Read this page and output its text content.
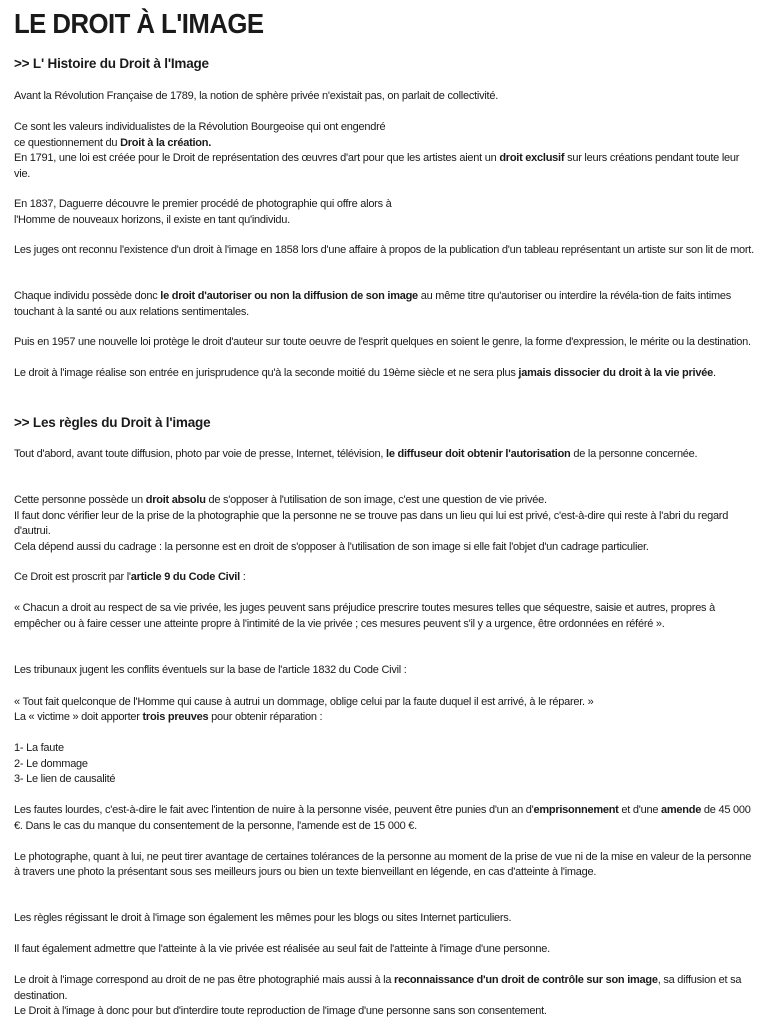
LE DROIT À L'IMAGE
>> L' Histoire du Droit à l'Image

Avant la Révolution Française de 1789, la notion de sphère privée n'existait pas, on parlait de collectivité.

Ce sont les valeurs individualistes de la Révolution Bourgeoise qui ont engendré

ce questionnement du Droit à la création.

En 1791, une loi est créée pour le Droit de représentation des œuvres d'art pour que les artistes aient un droit exclusif sur leurs créations pendant toute leur vie.

En 1837, Daguerre découvre le premier procédé de photographie qui offre alors à

l'Homme de nouveaux horizons, il existe en tant qu'individu.

Les juges ont reconnu l'existence d'un droit à l'image en 1858 lors d'une affaire à propos de la publication d'un tableau représentant un artiste sur son lit de mort.

Chaque individu possède donc le droit d'autoriser ou non la diffusion de son image au même titre qu'autoriser ou interdire la révéla-tion de faits intimes touchant à la santé ou aux relations sentimentales.

Puis en 1957 une nouvelle loi protège le droit d'auteur sur toute oeuvre de l'esprit quelques en soient le genre, la forme d'expression, le mérite ou la destination.

Le droit à l'image réalise son entrée en jurisprudence qu'à la seconde moitié du 19ème siècle et ne sera plus jamais dissocier du droit à la vie privée.

>> Les règles du Droit à l'image

Tout d'abord, avant toute diffusion, photo par voie de presse, Internet, télévision, le diffuseur doit obtenir l'autorisation de la personne concernée.

Cette personne possède un droit absolu de s'opposer à l'utilisation de son image, c'est une question de vie privée.

Il faut donc vérifier leur de la prise de la photographie que la personne ne se trouve pas dans un lieu qui lui est privé, c'est-à-dire qui reste à l'abri du regard d'autrui.

Cela dépend aussi du cadrage : la personne est en droit de s'opposer à l'utilisation de son image si elle fait l'objet d'un cadrage particulier.

Ce Droit est proscrit par l'article 9 du Code Civil :

« Chacun a droit au respect de sa vie privée, les juges peuvent sans préjudice prescrire toutes mesures telles que séquestre, saisie et autres, propres à empêcher ou à faire cesser une atteinte propre à l'intimité de la vie privée ; ces mesures peuvent s'il y a urgence, être ordonnées en référé ».

Les tribunaux jugent les conflits éventuels sur la base de l'article 1832 du Code Civil :

« Tout fait quelconque de l'Homme qui cause à autrui un dommage, oblige celui par la faute duquel il est arrivé, à le réparer. »

La « victime » doit apporter trois preuves pour obtenir réparation :

1- La faute

2- Le dommage

3- Le lien de causalité

Les fautes lourdes, c'est-à-dire le fait avec l'intention de nuire à la personne visée, peuvent être punies d'un an d'emprisonnement et d'une amende de 45 000 €. Dans le cas du manque du consentement de la personne, l'amende est de 15 000 €.

Le photographe, quant à lui, ne peut tirer avantage de certaines tolérances de la personne au moment de la prise de vue ni de la mise en valeur de la personne à travers une photo la présentant sous ses meilleurs jours ou bien un texte bienveillant en légende, en cas d'atteinte à l'image.

Les règles régissant le droit à l'image son également les mêmes pour les blogs ou sites Internet particuliers.

Il faut également admettre que l'atteinte à la vie privée est réalisée au seul fait de l'atteinte à l'image d'une personne.

Le droit à l'image correspond au droit de ne pas être photographié mais aussi à la reconnaissance d'un droit de contrôle sur son image, sa diffusion et sa destination.

Le Droit à l'image à donc pour but d'interdire toute reproduction de l'image d'une personne sans son consentement.
